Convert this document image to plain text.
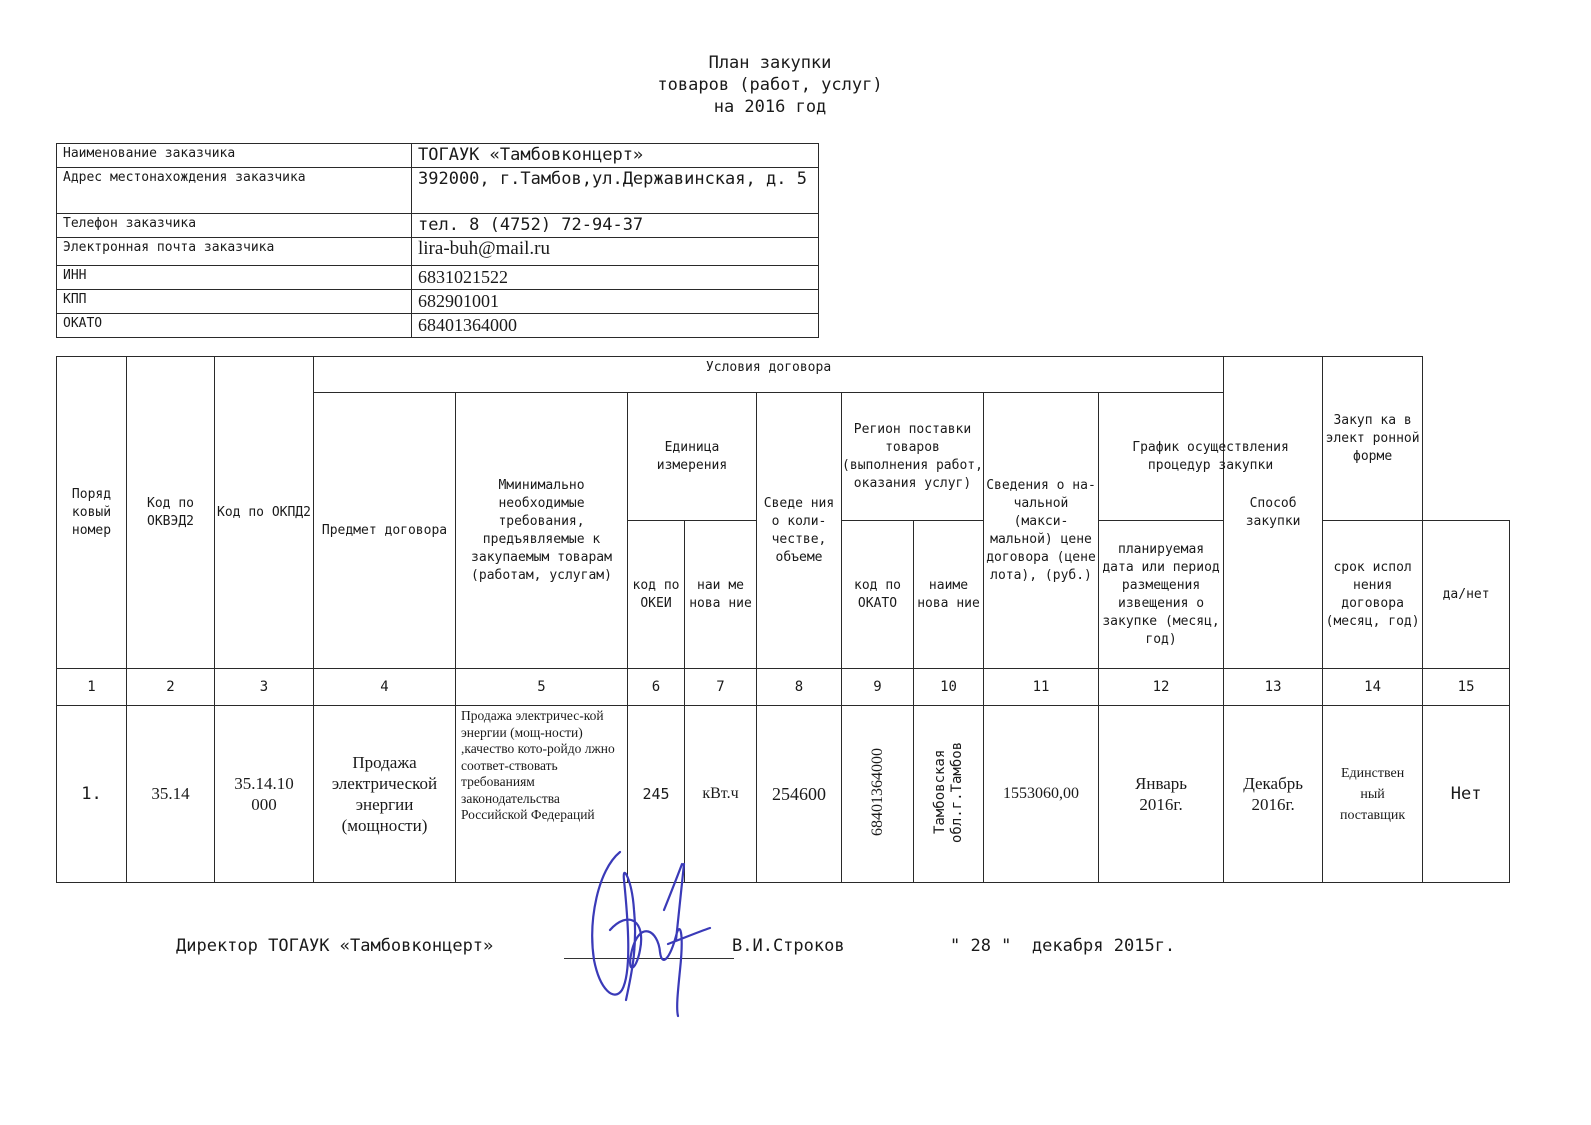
План закупки
товаров (работ, услуг)
на 2016 год
Наименование заказчика	ТОГАУК «Тамбовконцерт»
Адрес местонахождения заказчика	392000, г.Тамбов,ул.Державинская, д. 5
Телефон заказчика	тел. 8 (4752) 72-94-37
Электронная почта заказчика	lira-buh@mail.ru
ИНН	6831021522
КПП	682901001
ОКАТО	68401364000
Поряд ковый номер	Код по ОКВЭД2	Код по ОКПД2	Условия договора									Способ закупки	Закуп ка в элект ронной форме	
			Предмет договора	Мминимально необходимые требования, предъявляемые к закупаемым товарам (работам, услугам)	Единица измерения		Сведе ния о коли- честве, объеме	Регион поставки товаров (выполнения работ, оказания услуг)		Сведения о на- чальной (макси- мальной) цене договора (цене лота), (руб.)	График осуществления процедур закупки			
					код по ОКЕИ	наи ме нова ние		код по ОКАТО	наиме нова ние		планируемая дата или период размещения извещения о закупке (месяц, год)		срок испол нения договора (месяц, год)	да/нет
1	2	3	4	5	6	7	8	9	10	11	12	13	14	15
1.	35.14	35.14.10 000	Продажа электрической энергии (мощности)	Продажа электричес-кой энергии (мощ-ности) ,качество кото-ройдо лжно соответ-ствовать требованиям законодательства Российской Федераций	245	кВт.ч	254600	68401364000	Тамбовская обл.г.Тамбов	1553060,00	Январь 2016г.	Декабрь 2016г.	Единствен ный поставщик	Нет
Директор ТОГАУК «Тамбовконцерт»	В.И.Строков	" 28 "  декабря 2015г.
